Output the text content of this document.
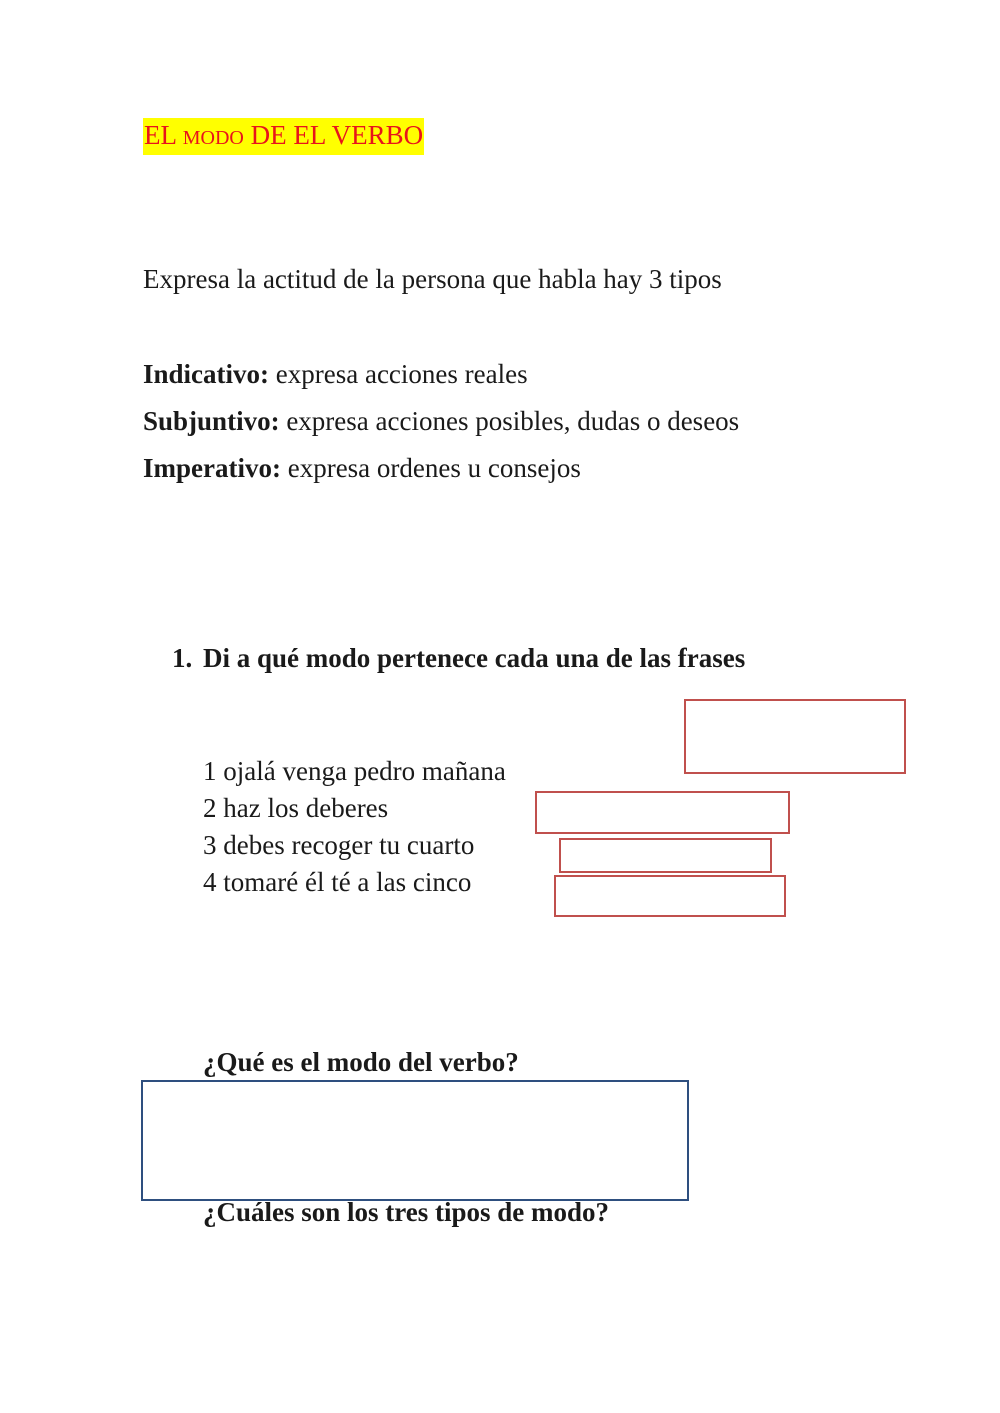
EL MODO DE EL VERBO
Expresa la actitud de la persona que habla hay 3 tipos
Indicativo: expresa acciones reales
Subjuntivo: expresa acciones posibles, dudas o deseos
Imperativo: expresa ordenes u consejos
1. Di a qué modo pertenece cada una de las frases
1 ojalá venga pedro mañana
2 haz los deberes
3 debes recoger tu cuarto
4 tomaré él té a las cinco
¿Qué es el modo del verbo?
¿Cuáles son los tres tipos de modo?
